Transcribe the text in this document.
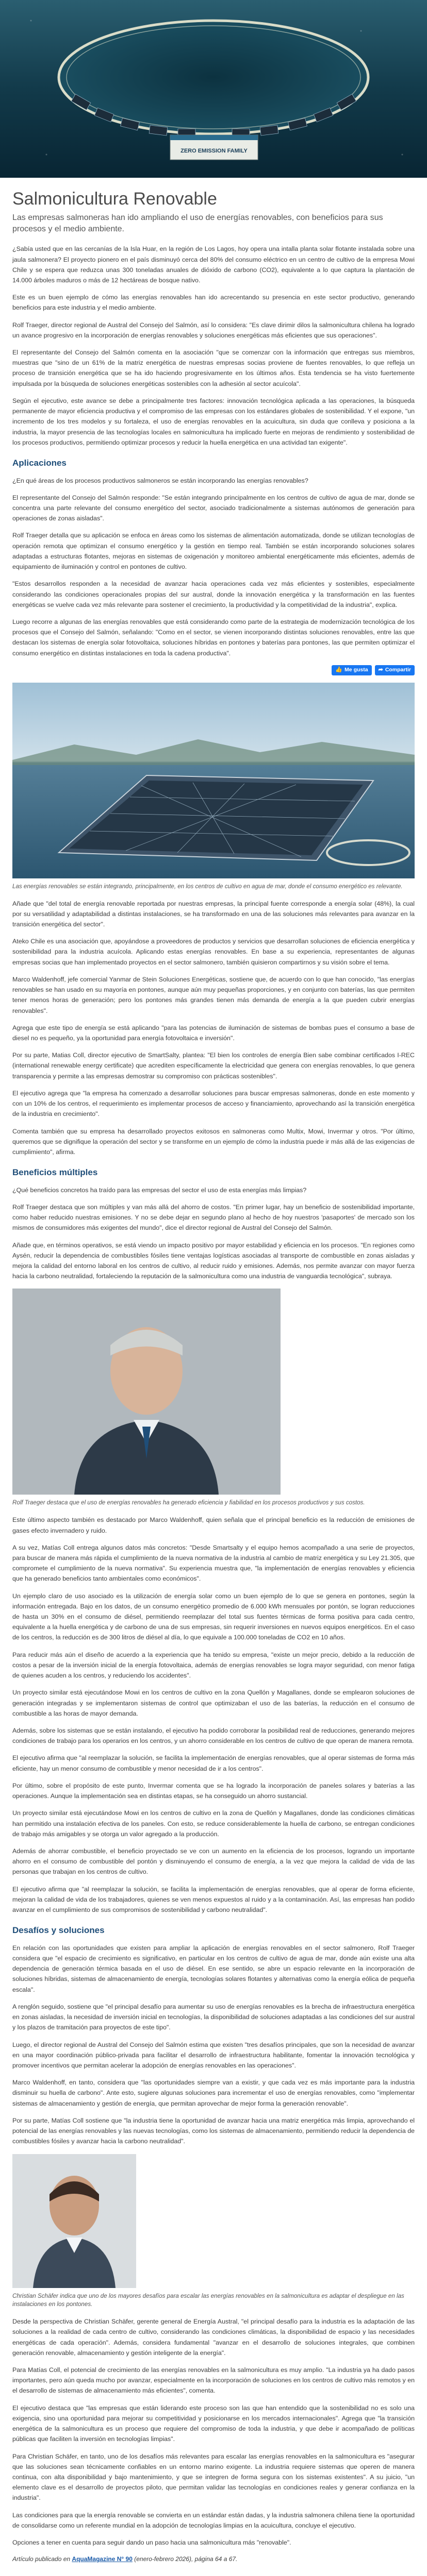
ZERO EMISSION FAMILY
Salmonicultura Renovable
Las empresas salmoneras han ido ampliando el uso de energías renovables, con beneficios para sus procesos y el medio ambiente.

¿Sabía usted que en las cercanías de la Isla Huar, en la región de Los Lagos, hoy opera una intalla planta solar flotante instalada sobre una jaula salmonera? El proyecto pionero en el país disminuyó cerca del 80% del consumo eléctrico en un centro de cultivo de la empresa Mowi Chile y se espera que reduzca unas 300 toneladas anuales de dióxido de carbono (CO2), equivalente a lo que captura la plantación de 14.000 árboles maduros o más de 12 hectáreas de bosque nativo.

Este es un buen ejemplo de cómo las energías renovables han ido acrecentando su presencia en este sector productivo, generando beneficios para este industria y el medio ambiente.

Rolf Traeger, director regional de Austral del Consejo del Salmón, así lo considera: "Es clave dirimir dilos la salmonicultura chilena ha logrado un avance progresivo en la incorporación de energías renovables y soluciones energéticas más eficientes que sus operaciones".

El representante del Consejo del Salmón comenta en la asociación "que se comenzar con la información que entregas sus miembros, muestras que "sino de un 61% de la matriz energética de nuestras empresas socias proviene de fuentes renovables, lo que refleja un proceso de transición energética que se ha ido haciendo progresivamente en los últimos años. Esta tendencia se ha visto fuertemente impulsada por la búsqueda de soluciones energéticas sostenibles con la adhesión al sector acuícola".

Según el ejecutivo, este avance se debe a principalmente tres factores: innovación tecnológica aplicada a las operaciones, la búsqueda permanente de mayor eficiencia productiva y el compromiso de las empresas con los estándares globales de sostenibilidad. Y el expone, "un incremento de los tres modelos y su fortaleza, el uso de energías renovables en la acuicultura, sin duda que conlleva y posiciona a la industria, la mayor presencia de las tecnologías locales en salmonicultura ha implicado fuerte en mejoras de rendimiento y sostenibilidad de los procesos productivos, permitiendo optimizar procesos y reducir la huella energética en una actividad tan exigente".

Aplicaciones

¿En qué áreas de los procesos productivos salmoneros se están incorporando las energías renovables?

El representante del Consejo del Salmón responde: "Se están integrando principalmente en los centros de cultivo de agua de mar, donde se concentra una parte relevante del consumo energético del sector, asociado tradicionalmente a sistemas autónomos de generación para operaciones de zonas aisladas".

Rolf Traeger detalla que su aplicación se enfoca en áreas como los sistemas de alimentación automatizada, donde se utilizan tecnologías de operación remota que optimizan el consumo energético y la gestión en tiempo real. También se están incorporando soluciones solares adaptadas a estructuras flotantes, mejoras en sistemas de oxigenación y monitoreo ambiental energéticamente más eficientes, además de equipamiento de iluminación y control en pontones de cultivo.

"Estos desarrollos responden a la necesidad de avanzar hacia operaciones cada vez más eficientes y sostenibles, especialmente considerando las condiciones operacionales propias del sur austral, donde la innovación energética y la transformación en las fuentes energéticas se vuelve cada vez más relevante para sostener el crecimiento, la productividad y la competitividad de la industria", explica.

Luego recorre a algunas de las energías renovables que está considerando como parte de la estrategia de modernización tecnológica de los procesos que el Consejo del Salmón, señalando: "Como en el sector, se vienen incorporando distintas soluciones renovables, entre las que destacan los sistemas de energía solar fotovoltaica, soluciones híbridas en pontones y baterías para pontones, las que permiten optimizar el consumo energético en distintas instalaciones en toda la cadena productiva".

👍 Me gusta ➦ Compartir
Las energías renovables se están integrando, principalmente, en los centros de cultivo en agua de mar, donde el consumo energético es relevante.

Añade que "del total de energía renovable reportada por nuestras empresas, la principal fuente corresponde a energía solar (48%), la cual por su versatilidad y adaptabilidad a distintas instalaciones, se ha transformado en una de las soluciones más relevantes para avanzar en la transición energética del sector".

Ateko Chile es una asociación que, apoyándose a proveedores de productos y servicios que desarrollan soluciones de eficiencia energética y sostenibilidad para la industria acuícola. Aplicando estas energías renovables. En base a su experiencia, representantes de algunas empresas socias que han implementado proyectos en el sector salmonero, también quisieron compartirnos y su visión sobre el tema.

Marco Waldenhoff, jefe comercial Yanmar de Stein Soluciones Energéticas, sostiene que, de acuerdo con lo que han conocido, "las energías renovables se han usado en su mayoría en pontones, aunque aún muy pequeñas proporciones, y en conjunto con baterías, las que permiten tener menos horas de generación; pero los pontones más grandes tienen más demanda de energía a la que pueden cubrir energías renovables".

Agrega que este tipo de energía se está aplicando "para las potencias de iluminación de sistemas de bombas pues el consumo a base de diesel no es pequeño, ya la oportunidad para energía fotovoltaica e inversión".

Por su parte, Matias Coll, director ejecutivo de SmartSalty, plantea: "El bien los controles de energía Bien sabe combinar certificados I-REC (international renewable energy certificate) que acrediten específicamente la electricidad que genera con energías renovables, lo que genera transparencia y permite a las empresas demostrar su compromiso con prácticas sostenibles".

El ejecutivo agrega que "la empresa ha comenzado a desarrollar soluciones para buscar empresas salmoneras, donde en este momento y con un 10% de los centros, el requerimiento es implementar procesos de acceso y financiamiento, aprovechando así la transición energética de la industria en crecimiento".

Comenta también que su empresa ha desarrollado proyectos exitosos en salmoneras como Multix, Mowi, Invermar y otros. "Por último, queremos que se dignifique la operación del sector y se transforme en un ejemplo de cómo la industria puede ir más allá de las exigencias de cumplimiento", afirma.

Beneficios múltiples

¿Qué beneficios concretos ha traído para las empresas del sector el uso de esta energías más limpias?

Rolf Traeger destaca que son múltiples y van más allá del ahorro de costos. "En primer lugar, hay un beneficio de sostenibilidad importante, como haber reducido nuestras emisiones. Y no se debe dejar en segundo plano al hecho de hoy nuestros 'pasaportes' de mercado son los mismos de consumidores más exigentes del mundo", dice el director regional de Austral del Consejo del Salmón.

Añade que, en términos operativos, se está viendo un impacto positivo por mayor estabilidad y eficiencia en los procesos. "En regiones como Aysén, reducir la dependencia de combustibles fósiles tiene ventajas logísticas asociadas al transporte de combustible en zonas aisladas y mejora la calidad del entorno laboral en los centros de cultivo, al reducir ruido y emisiones. Además, nos permite avanzar con mayor fuerza hacia la carbono neutralidad, fortaleciendo la reputación de la salmonicultura como una industria de vanguardia tecnológica", subraya.

Rolf Traeger destaca que el uso de energías renovables ha generado eficiencia y fiabilidad en los procesos productivos y sus costos.

Este último aspecto también es destacado por Marco Waldenhoff, quien señala que el principal beneficio es la reducción de emisiones de gases efecto invernadero y ruido.

A su vez, Matías Coll entrega algunos datos más concretos: "Desde Smartsalty y el equipo hemos acompañado a una serie de proyectos, para buscar de manera más rápida el cumplimiento de la nueva normativa de la industria al cambio de matriz energética y su Ley 21.305, que compromete el cumplimiento de la nueva normativa". Su experiencia muestra que, "la implementación de energías renovables y eficiencia que ha generado beneficios tanto ambientales como económicos".

Un ejemplo claro de uso asociado es la utilización de energía solar como un buen ejemplo de lo que se genera en pontones, según la información entregada. Bajo en los datos, de un consumo energético promedio de 6.000 kWh mensuales por pontón, se logran reducciones de hasta un 30% en el consumo de diésel, permitiendo reemplazar del total sus fuentes térmicas de forma positiva para cada centro, equivalente a la huella energética y de carbono de una de sus empresas, sin requerir inversiones en nuevos equipos energéticos. En el caso de los centros, la reducción es de 300 litros de diésel al día, lo que equivale a 100.000 toneladas de CO2 en 10 años.

Para reducir más aún el diseño de acuerdo a la experiencia que ha tenido su empresa, "existe un mejor precio, debido a la reducción de costos a pesar de la inversión inicial de la energía fotovoltaica, además de energías renovables se logra mayor seguridad, con menor fatiga de quienes acuden a los centros, y reduciendo los accidentes".

Un proyecto similar está ejecutándose Mowi en los centros de cultivo en la zona Quellón y Magallanes, donde se emplearon soluciones de generación integradas y se implementaron sistemas de control que optimizaban el uso de las baterías, la reducción en el consumo de combustible a las horas de mayor demanda.

Además, sobre los sistemas que se están instalando, el ejecutivo ha podido corroborar la posibilidad real de reducciones, generando mejores condiciones de trabajo para los operarios en los centros, y un ahorro considerable en los centros de cultivo de que operan de manera remota.

El ejecutivo afirma que "al reemplazar la solución, se facilita la implementación de energías renovables, que al operar sistemas de forma más eficiente, hay un menor consumo de combustible y menor necesidad de ir a los centros".

Por último, sobre el propósito de este punto, Invermar comenta que se ha logrado la incorporación de paneles solares y baterías a las operaciones. Aunque la implementación sea en distintas etapas, se ha conseguido un ahorro sustancial.

Un proyecto similar está ejecutándose Mowi en los centros de cultivo en la zona de Quellón y Magallanes, donde las condiciones climáticas han permitido una instalación efectiva de los paneles. Con esto, se reduce considerablemente la huella de carbono, se entregan condiciones de trabajo más amigables y se otorga un valor agregado a la producción.

Además de ahorrar combustible, el beneficio proyectado se ve con un aumento en la eficiencia de los procesos, logrando un importante ahorro en el consumo de combustible del pontón y disminuyendo el consumo de energía, a la vez que mejora la calidad de vida de las personas que trabajan en los centros de cultivo.

El ejecutivo afirma que "al reemplazar la solución, se facilita la implementación de energías renovables, que al operar de forma eficiente, mejoran la calidad de vida de los trabajadores, quienes se ven menos expuestos al ruido y a la contaminación. Así, las empresas han podido avanzar en el cumplimiento de sus compromisos de sostenibilidad y carbono neutralidad".

Desafíos y soluciones

En relación con las oportunidades que existen para ampliar la aplicación de energías renovables en el sector salmonero, Rolf Traeger considera que "el espacio de crecimiento es significativo, en particular en los centros de cultivo de agua de mar, donde aún existe una alta dependencia de generación térmica basada en el uso de diésel. En ese sentido, se abre un espacio relevante en la incorporación de soluciones híbridas, sistemas de almacenamiento de energía, tecnologías solares flotantes y alternativas como la energía eólica de pequeña escala".

A renglón seguido, sostiene que "el principal desafío para aumentar su uso de energías renovables es la brecha de infraestructura energética en zonas aisladas, la necesidad de inversión inicial en tecnologías, la disponibilidad de soluciones adaptadas a las condiciones del sur austral y los plazos de tramitación para proyectos de este tipo".

Luego, el director regional de Austral del Consejo del Salmón estima que existen "tres desafíos principales, que son la necesidad de avanzar en una mayor coordinación público-privada para facilitar el desarrollo de infraestructura habilitante, fomentar la innovación tecnológica y promover incentivos que permitan acelerar la adopción de energías renovables en las operaciones".

Marco Waldenhoff, en tanto, considera que "las oportunidades siempre van a existir, y que cada vez es más importante para la industria disminuir su huella de carbono". Ante esto, sugiere algunas soluciones para incrementar el uso de energías renovables, como "implementar sistemas de almacenamiento y gestión de energía, que permitan aprovechar de mejor forma la generación renovable".

Por su parte, Matías Coll sostiene que "la industria tiene la oportunidad de avanzar hacia una matriz energética más limpia, aprovechando el potencial de las energías renovables y las nuevas tecnologías, como los sistemas de almacenamiento, permitiendo reducir la dependencia de combustibles fósiles y avanzar hacia la carbono neutralidad".

Christian Schäfer indica que uno de los mayores desafíos para escalar las energías renovables en la salmonicultura es adaptar el despliegue en las instalaciones en los pontones.

Desde la perspectiva de Christian Schäfer, gerente general de Energía Austral, "el principal desafío para la industria es la adaptación de las soluciones a la realidad de cada centro de cultivo, considerando las condiciones climáticas, la disponibilidad de espacio y las necesidades energéticas de cada operación". Además, considera fundamental "avanzar en el desarrollo de soluciones integrales, que combinen generación renovable, almacenamiento y gestión inteligente de la energía".

Para Matías Coll, el potencial de crecimiento de las energías renovables en la salmonicultura es muy amplio. "La industria ya ha dado pasos importantes, pero aún queda mucho por avanzar, especialmente en la incorporación de soluciones en los centros de cultivo más remotos y en el desarrollo de sistemas de almacenamiento más eficientes", comenta.

El ejecutivo destaca que "las empresas que están liderando este proceso son las que han entendido que la sostenibilidad no es solo una exigencia, sino una oportunidad para mejorar su competitividad y posicionarse en los mercados internacionales". Agrega que "la transición energética de la salmonicultura es un proceso que requiere del compromiso de toda la industria, y que debe ir acompañado de políticas públicas que faciliten la inversión en tecnologías limpias".

Para Christian Schäfer, en tanto, uno de los desafíos más relevantes para escalar las energías renovables en la salmonicultura es "asegurar que las soluciones sean técnicamente confiables en un entorno marino exigente. La industria requiere sistemas que operen de manera continua, con alta disponibilidad y bajo mantenimiento, y que se integren de forma segura con los sistemas existentes". A su juicio, "un elemento clave es el desarrollo de proyectos piloto, que permitan validar las tecnologías en condiciones reales y generar confianza en la industria".

Las condiciones para que la energía renovable se convierta en un estándar están dadas, y la industria salmonera chilena tiene la oportunidad de consolidarse como un referente mundial en la adopción de tecnologías limpias en la acuicultura, concluye el ejecutivo.

Opciones a tener en cuenta para seguir dando un paso hacia una salmonicultura más "renovable".

Artículo publicado en AquaMagazine N° 90 (enero-febrero 2026), página 64 a 67.
